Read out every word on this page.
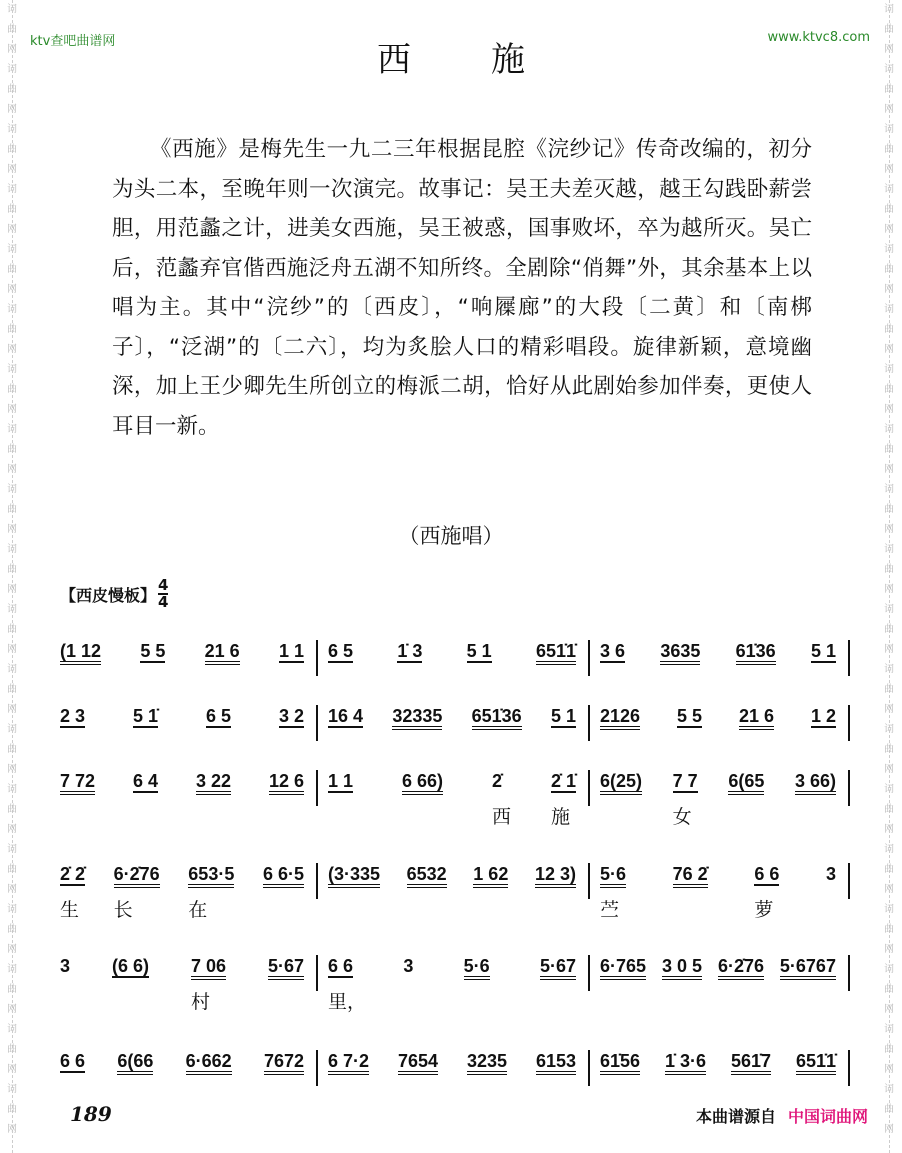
词
曲
网
词
曲
网
词
曲
网
词
曲
网
词
曲
网
词
曲
网
词
曲
网
词
曲
网
词
曲
网
词
曲
网
词
曲
网
词
曲
网
词
曲
网
词
曲
网
词
曲
网
词
曲
网
词
曲
网
词
曲
网
词
曲
网
词
曲
网
词
曲
网
词
曲
网
词
曲
网
词
曲
网
词
曲
网
词
曲
网
词
曲
网
词
曲
网
词
曲
网
词
曲
网
词
曲
网
词
曲
网
词
曲
网
词
曲
网
词
曲
网
词
曲
网
词
曲
网
词
曲
网
ktv查吧曲谱网	www.ktvc8.com
西施
《西施》是梅先生一九二三年根据昆腔《浣纱记》传奇改编的，初分为头二本，至晚年则一次演完。故事记：吴王夫差灭越，越王勾践卧薪尝胆，用范蠡之计，进美女西施，吴王被惑，国事败坏，卒为越所灭。吴亡后，范蠡弃官偕西施泛舟五湖不知所终。全剧除“俏舞”外，其余基本上以唱为主。其中“浣纱”的〔西皮〕，“响屧廊”的大段〔二黄〕和〔南梆子〕，“泛湖”的〔二六〕，均为炙脍人口的精彩唱段。旋律新颖，意境幽深，加上王少卿先生所创立的梅派二胡，恰好从此剧始参加伴奏，更使人耳目一新。
（西施唱）
【西皮慢板】 $\frac{4}{4}$
(1 12 5 5 21 6 1 1 6 5 1̇ 3 5 1 651̇1̇ 3 6 3635 61̇36 5 1
2 3	5 1̇	6 5	3 2 16 4 32335 651̇36 5 1 2126 5 5 21 6 1 2
7 72 6 4 3 22 12 6 1 1	6 66)	2̇
西
2̇ 1̇
施
6(25) 7 7
女
6(65 3 66)
2̇ 2̇
生
6·2̇76
长
653·5
在
6 6·5 (3·335 6532 1 62 12 3) 5·6
苎
76 2̇	6 6
萝
3
3 (6 6) 7 06
村
5·67 6 6
里，
3	5·6	5·67 6·765 3 0 5 6·2̇76 5·6767
6 6 6(66 6·662 7672 6 7·2 7654 3235 6153 61̇56 1̇ 3·6 561̇7 651̇1̇
189	本曲谱源自 中国词曲网
